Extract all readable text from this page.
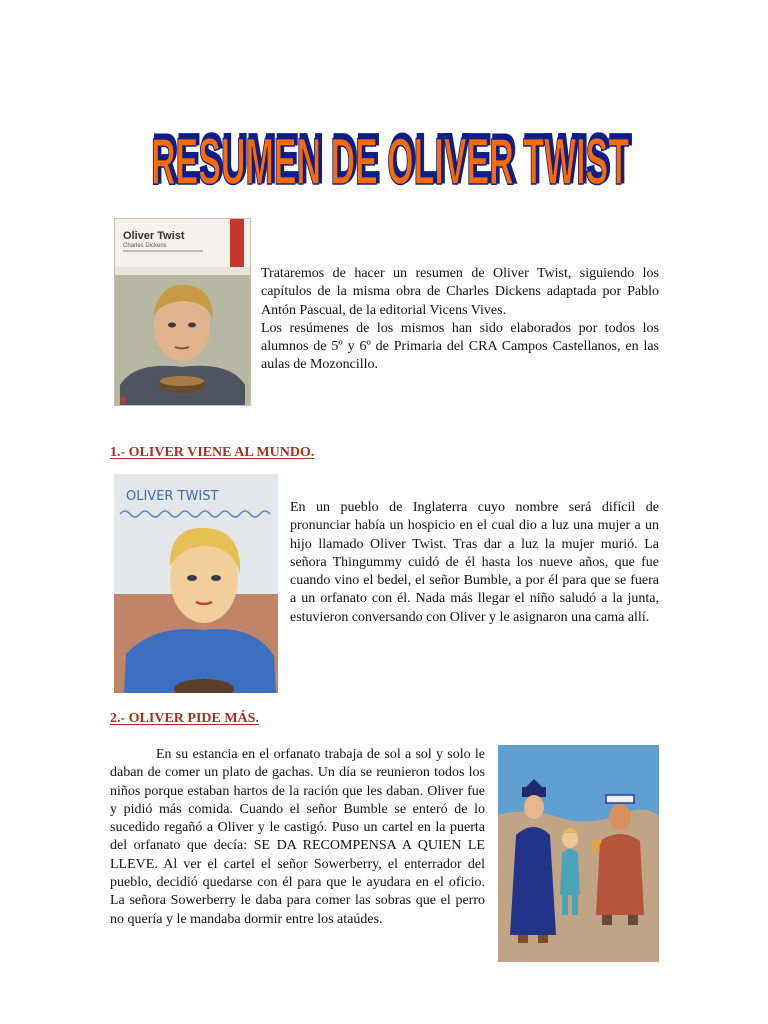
RESUMEN DE OLIVER TWIST
RESUMEN DE OLIVER TWIST
Oliver Twist
Charles Dickens

Trataremos de hacer un resumen de Oliver Twist, siguiendo los capítulos de la misma obra de Charles Dickens adaptada por Pablo Antón Pascual, de la editorial Vicens Vives.

Los resúmenes de los mismos han sido elaborados por todos los alumnos de 5º y 6º de Primaria del CRA Campos Castellanos, en las aulas de Mozoncillo.

1.- OLIVER VIENE AL MUNDO.

OLIVER TWIST

En un pueblo de Inglaterra cuyo nombre será difícil de pronunciar había un hospicio en el cual dio a luz una mujer a un hijo llamado Oliver Twist. Tras dar a luz la mujer murió. La señora Thingummy cuidó de él hasta los nueve años, que fue cuando vino el bedel, el señor Bumble, a por él para que se fuera a un orfanato con él. Nada más llegar el niño saludó a la junta, estuvieron conversando con Oliver y le asignaron una cama allí.

2.- OLIVER PIDE MÁS.

En su estancia en el orfanato trabaja de sol a sol y solo le daban de comer un plato de gachas. Un día se reunieron todos los niños porque estaban hartos de la ración que les daban. Oliver fue y pidió más comida. Cuando el señor Bumble se enteró de lo sucedido regañó a Oliver y le castigó. Puso un cartel en la puerta del orfanato que decía: SE DA RECOMPENSA A QUIEN LE LLEVE. Al ver el cartel el señor Sowerberry, el enterrador del pueblo, decidió quedarse con él para que le ayudara en el oficio. La señora Sowerberry le daba para comer las sobras que el perro no quería y le mandaba dormir entre los ataúdes.
